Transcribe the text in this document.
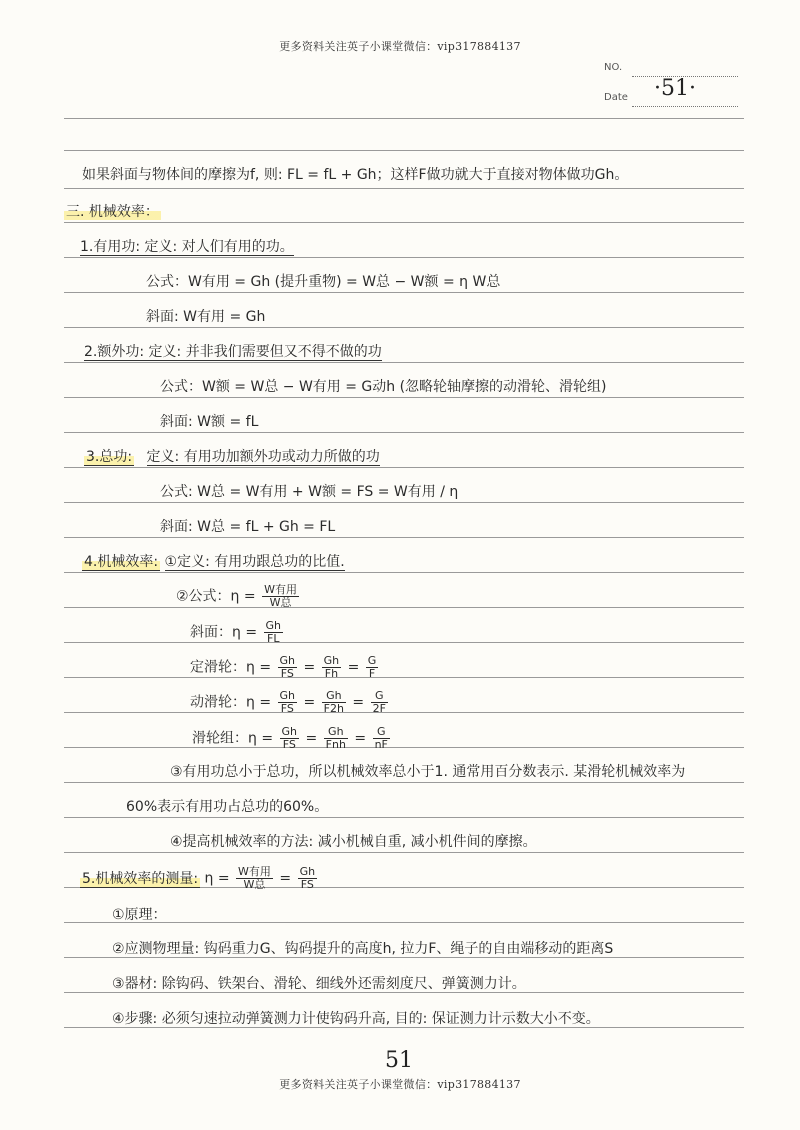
更多资料关注英子小课堂微信：vip317884137
NO.
Date ·51·
如果斜面与物体间的摩擦为f, 则: FL = fL + Gh；这样F做功就大于直接对物体做功Gh。
三. 机械效率：
1.有用功: 定义: 对人们有用的功。
公式：W有用 = Gh (提升重物) = W总 − W额 = η W总
斜面: W有用 = Gh
2.额外功: 定义: 并非我们需要但又不得不做的功
公式：W额 = W总 − W有用 = G动h (忽略轮轴摩擦的动滑轮、滑轮组)
斜面: W额 = fL
3.总功: 定义: 有用功加额外功或动力所做的功
公式: W总 = W有用 + W额 = FS = W有用 / η
斜面: W总 = fL + Gh = FL
4.机械效率: ①定义: 有用功跟总功的比值.
②公式：$\eta = \frac{\text{W有用}}{\text{W总}}$
斜面：$\eta = \frac{Gh}{FL}$
定滑轮：$\eta = \frac{Gh}{FS} = \frac{Gh}{Fh} = \frac{G}{F}$
动滑轮：$\eta = \frac{Gh}{FS} = \frac{Gh}{F2h} = \frac{G}{2F}$
滑轮组：$\eta = \frac{Gh}{FS} = \frac{Gh}{\text{Fnh}} = \frac{G}{nF}$
③有用功总小于总功，所以机械效率总小于1. 通常用百分数表示. 某滑轮机械效率为
60%表示有用功占总功的60%。
④提高机械效率的方法: 减小机械自重, 减小机件间的摩擦。
5.机械效率的测量: $\eta = \frac{\text{W有用}}{\text{W总}} = \frac{Gh}{FS}$
①原理：
②应测物理量: 钩码重力G、钩码提升的高度h, 拉力F、绳子的自由端移动的距离S
③器材: 除钩码、铁架台、滑轮、细线外还需刻度尺、弹簧测力计。
④步骤: 必须匀速拉动弹簧测力计使钩码升高, 目的: 保证测力计示数大小不变。
51
更多资料关注英子小课堂微信：vip317884137
